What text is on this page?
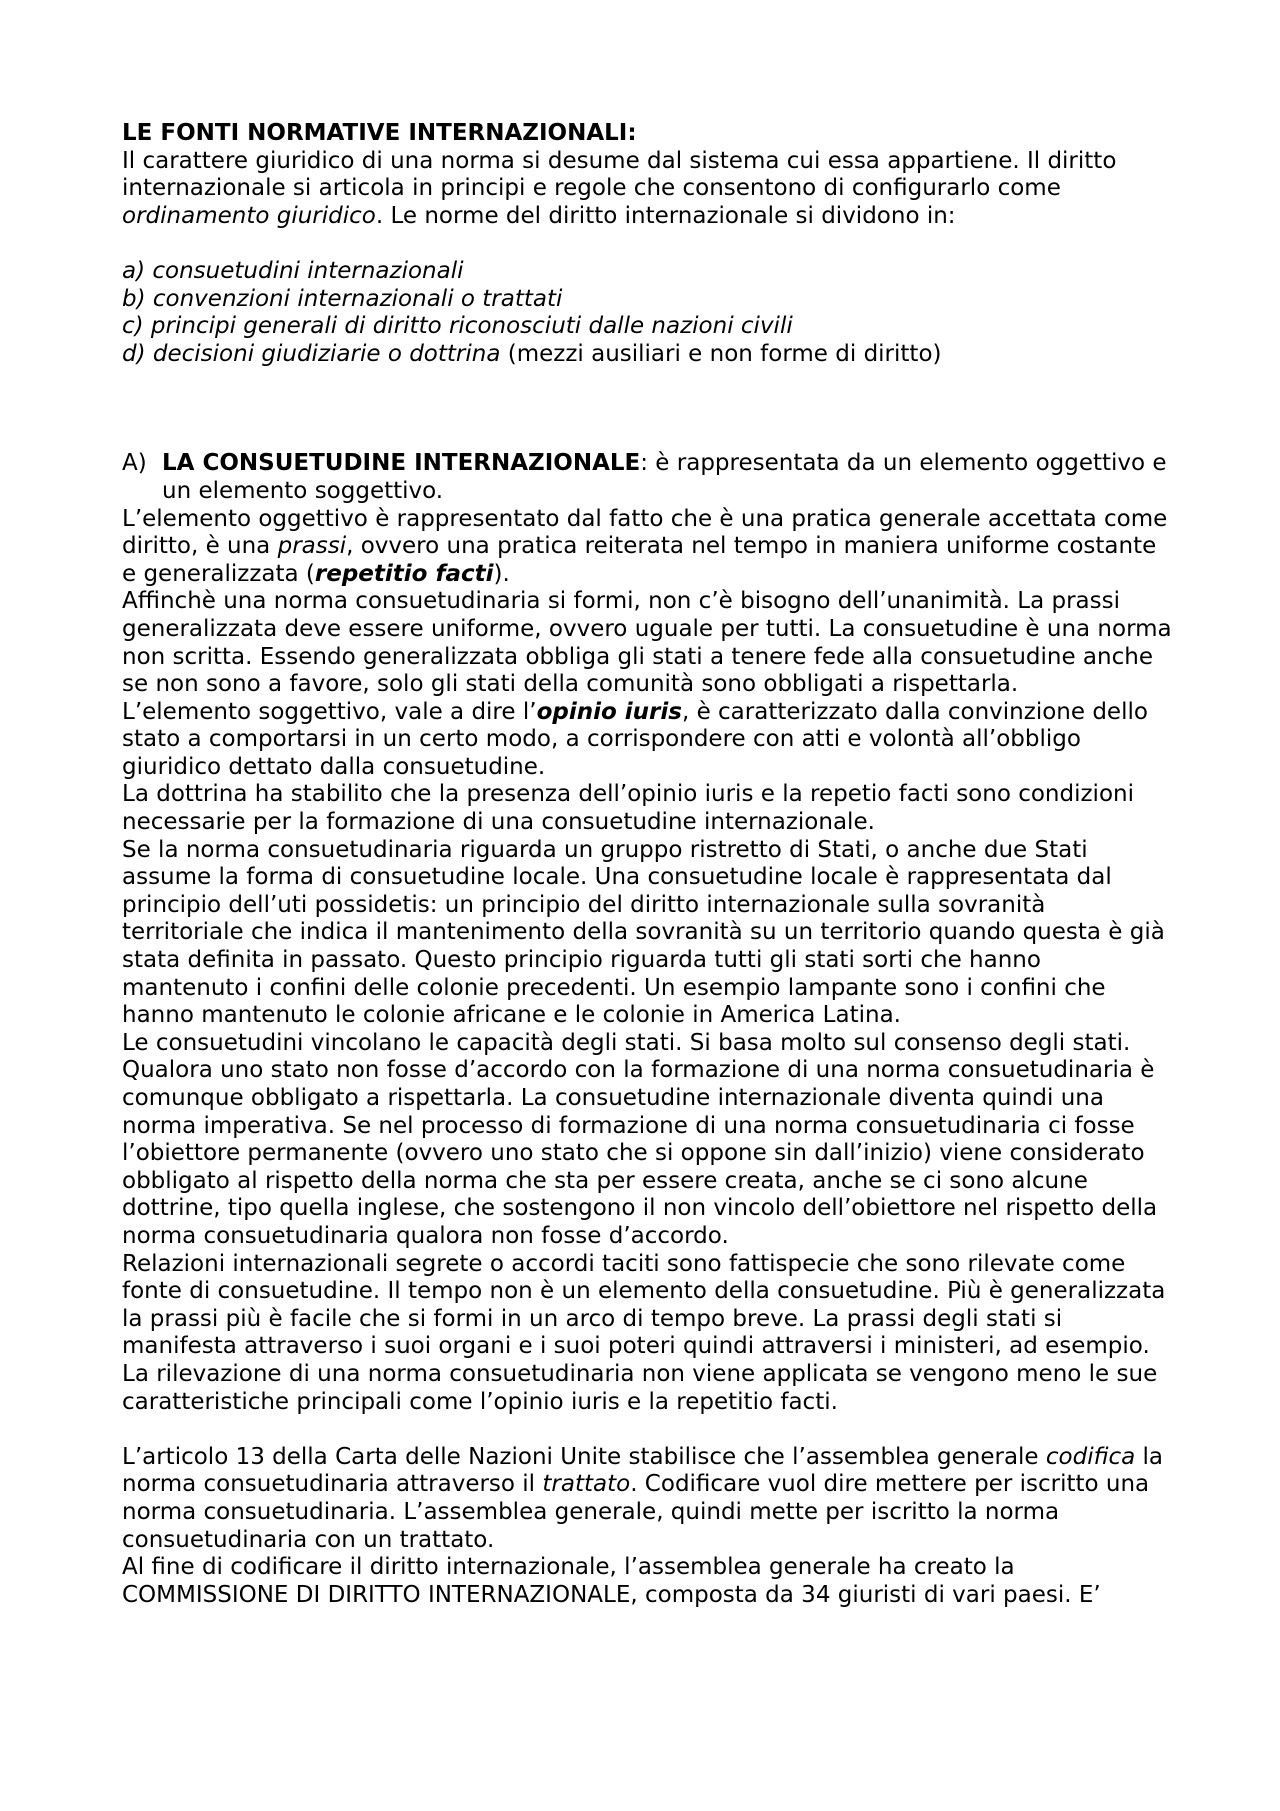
LE FONTI NORMATIVE INTERNAZIONALI:

Il carattere giuridico di una norma si desume dal sistema cui essa appartiene. Il diritto internazionale si articola in principi e regole che consentono di configurarlo come ordinamento giuridico. Le norme del diritto internazionale si dividono in:

a) consuetudini internazionali

b) convenzioni internazionali o trattati

c) principi generali di diritto riconosciuti dalle nazioni civili

d) decisioni giudiziarie o dottrina (mezzi ausiliari e non forme di diritto)

A) LA CONSUETUDINE INTERNAZIONALE: è rappresentata da un elemento oggettivo e un elemento soggettivo.

L’elemento oggettivo è rappresentato dal fatto che è una pratica generale accettata come diritto, è una prassi, ovvero una pratica reiterata nel tempo in maniera uniforme costante e generalizzata (repetitio facti).

Affinchè una norma consuetudinaria si formi, non c’è bisogno dell’unanimità. La prassi generalizzata deve essere uniforme, ovvero uguale per tutti. La consuetudine è una norma non scritta. Essendo generalizzata obbliga gli stati a tenere fede alla consuetudine anche se non sono a favore, solo gli stati della comunità sono obbligati a rispettarla.

L’elemento soggettivo, vale a dire l’opinio iuris, è caratterizzato dalla convinzione dello stato a comportarsi in un certo modo, a corrispondere con atti e volontà all’obbligo giuridico dettato dalla consuetudine.

La dottrina ha stabilito che la presenza dell’opinio iuris e la repetio facti sono condizioni necessarie per la formazione di una consuetudine internazionale.

Se la norma consuetudinaria riguarda un gruppo ristretto di Stati, o anche due Stati assume la forma di consuetudine locale. Una consuetudine locale è rappresentata dal principio dell’uti possidetis: un principio del diritto internazionale sulla sovranità territoriale che indica il mantenimento della sovranità su un territorio quando questa è già stata definita in passato. Questo principio riguarda tutti gli stati sorti che hanno mantenuto i confini delle colonie precedenti. Un esempio lampante sono i confini che hanno mantenuto le colonie africane e le colonie in America Latina.

Le consuetudini vincolano le capacità degli stati. Si basa molto sul consenso degli stati. Qualora uno stato non fosse d’accordo con la formazione di una norma consuetudinaria è comunque obbligato a rispettarla. La consuetudine internazionale diventa quindi una norma imperativa. Se nel processo di formazione di una norma consuetudinaria ci fosse l’obiettore permanente (ovvero uno stato che si oppone sin dall’inizio) viene considerato obbligato al rispetto della norma che sta per essere creata, anche se ci sono alcune dottrine, tipo quella inglese, che sostengono il non vincolo dell’obiettore nel rispetto della norma consuetudinaria qualora non fosse d’accordo.

Relazioni internazionali segrete o accordi taciti sono fattispecie che sono rilevate come fonte di consuetudine. Il tempo non è un elemento della consuetudine. Più è generalizzata la prassi più è facile che si formi in un arco di tempo breve. La prassi degli stati si manifesta attraverso i suoi organi e i suoi poteri quindi attraversi i ministeri, ad esempio. La rilevazione di una norma consuetudinaria non viene applicata se vengono meno le sue caratteristiche principali come l’opinio iuris e la repetitio facti.

L’articolo 13 della Carta delle Nazioni Unite stabilisce che l’assemblea generale codifica la norma consuetudinaria attraverso il trattato. Codificare vuol dire mettere per iscritto una norma consuetudinaria. L’assemblea generale, quindi mette per iscritto la norma consuetudinaria con un trattato.

Al fine di codificare il diritto internazionale, l’assemblea generale ha creato la COMMISSIONE DI DIRITTO INTERNAZIONALE, composta da 34 giuristi di vari paesi. E’
